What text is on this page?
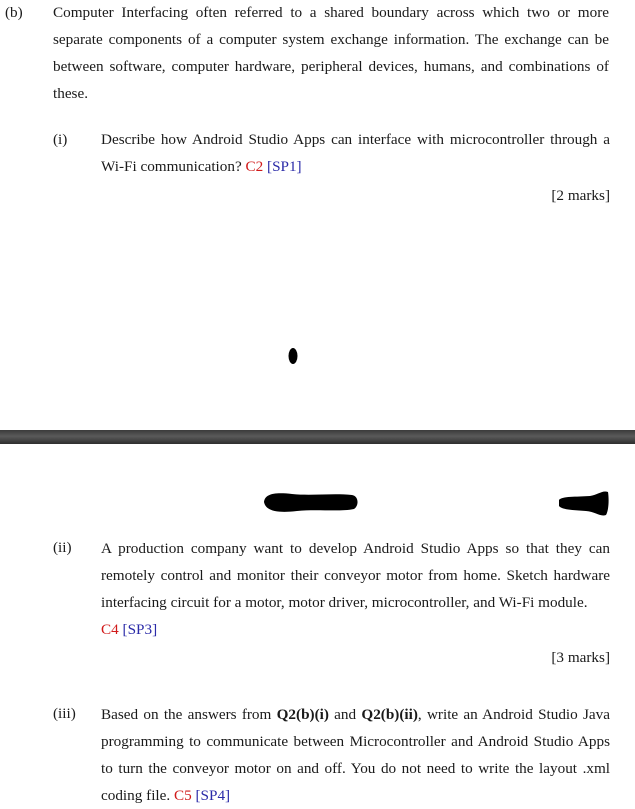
(b) Computer Interfacing often referred to a shared boundary across which two or more separate components of a computer system exchange information. The exchange can be between software, computer hardware, peripheral devices, humans, and combinations of these.
(i) Describe how Android Studio Apps can interface with microcontroller through a Wi-Fi communication? C2 [SP1]
[2 marks]
(ii) A production company want to develop Android Studio Apps so that they can remotely control and monitor their conveyor motor from home. Sketch hardware interfacing circuit for a motor, motor driver, microcontroller, and Wi-Fi module.
C4 [SP3]
[3 marks]
(iii) Based on the answers from Q2(b)(i) and Q2(b)(ii), write an Android Studio Java programming to communicate between Microcontroller and Android Studio Apps to turn the conveyor motor on and off. You do not need to write the layout .xml coding file. C5 [SP4]
